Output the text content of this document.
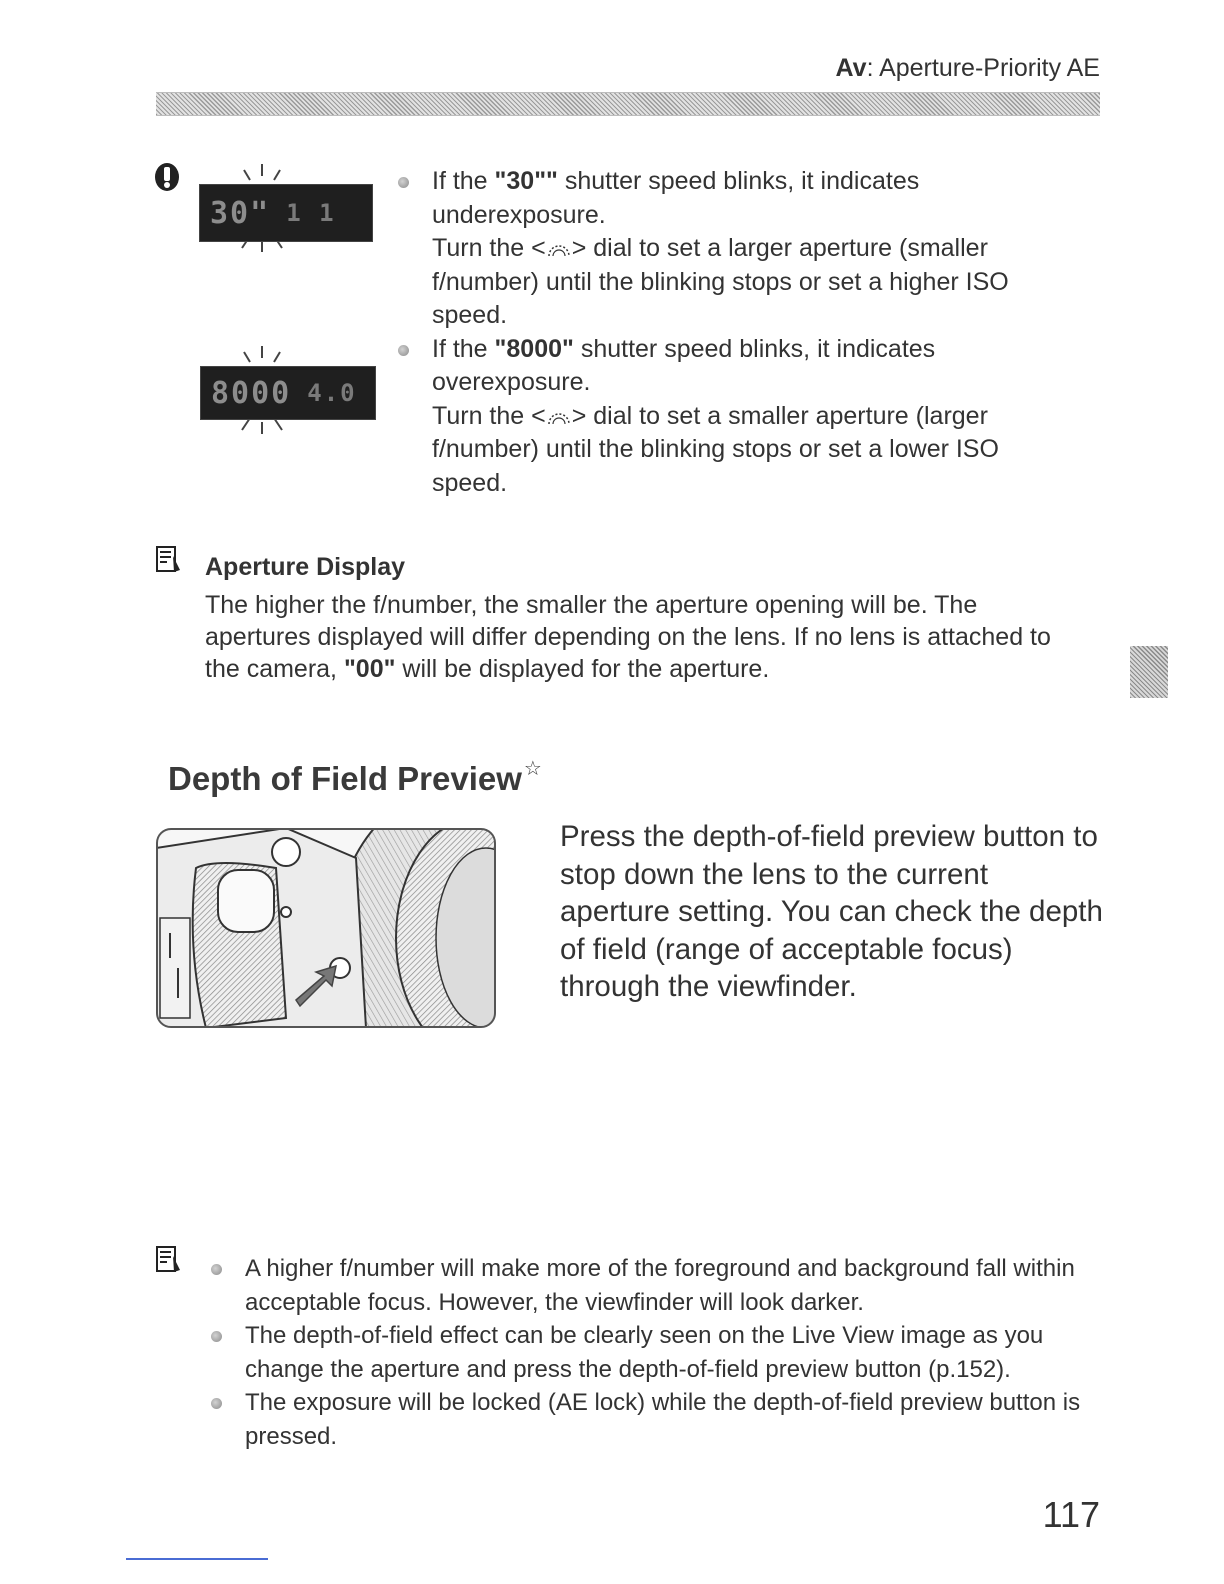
Av: Aperture-Priority AE
30" 1 1
8000 4.0
If the "30"" shutter speed blinks, it indicates underexposure.
Turn the < > dial to set a larger aperture (smaller f/number) until the blinking stops or set a higher ISO speed.
If the "8000" shutter speed blinks, it indicates overexposure.
Turn the < > dial to set a smaller aperture (larger f/number) until the blinking stops or set a lower ISO speed.
Aperture Display
The higher the f/number, the smaller the aperture opening will be. The apertures displayed will differ depending on the lens. If no lens is attached to the camera, "00" will be displayed for the aperture.
Depth of Field Preview ☆
Press the depth-of-field preview button to stop down the lens to the current aperture setting. You can check the depth of field (range of acceptable focus) through the viewfinder.
A higher f/number will make more of the foreground and background fall within acceptable focus. However, the viewfinder will look darker.
The depth-of-field effect can be clearly seen on the Live View image as you change the aperture and press the depth-of-field preview button (p.152).
The exposure will be locked (AE lock) while the depth-of-field preview button is pressed.
117
